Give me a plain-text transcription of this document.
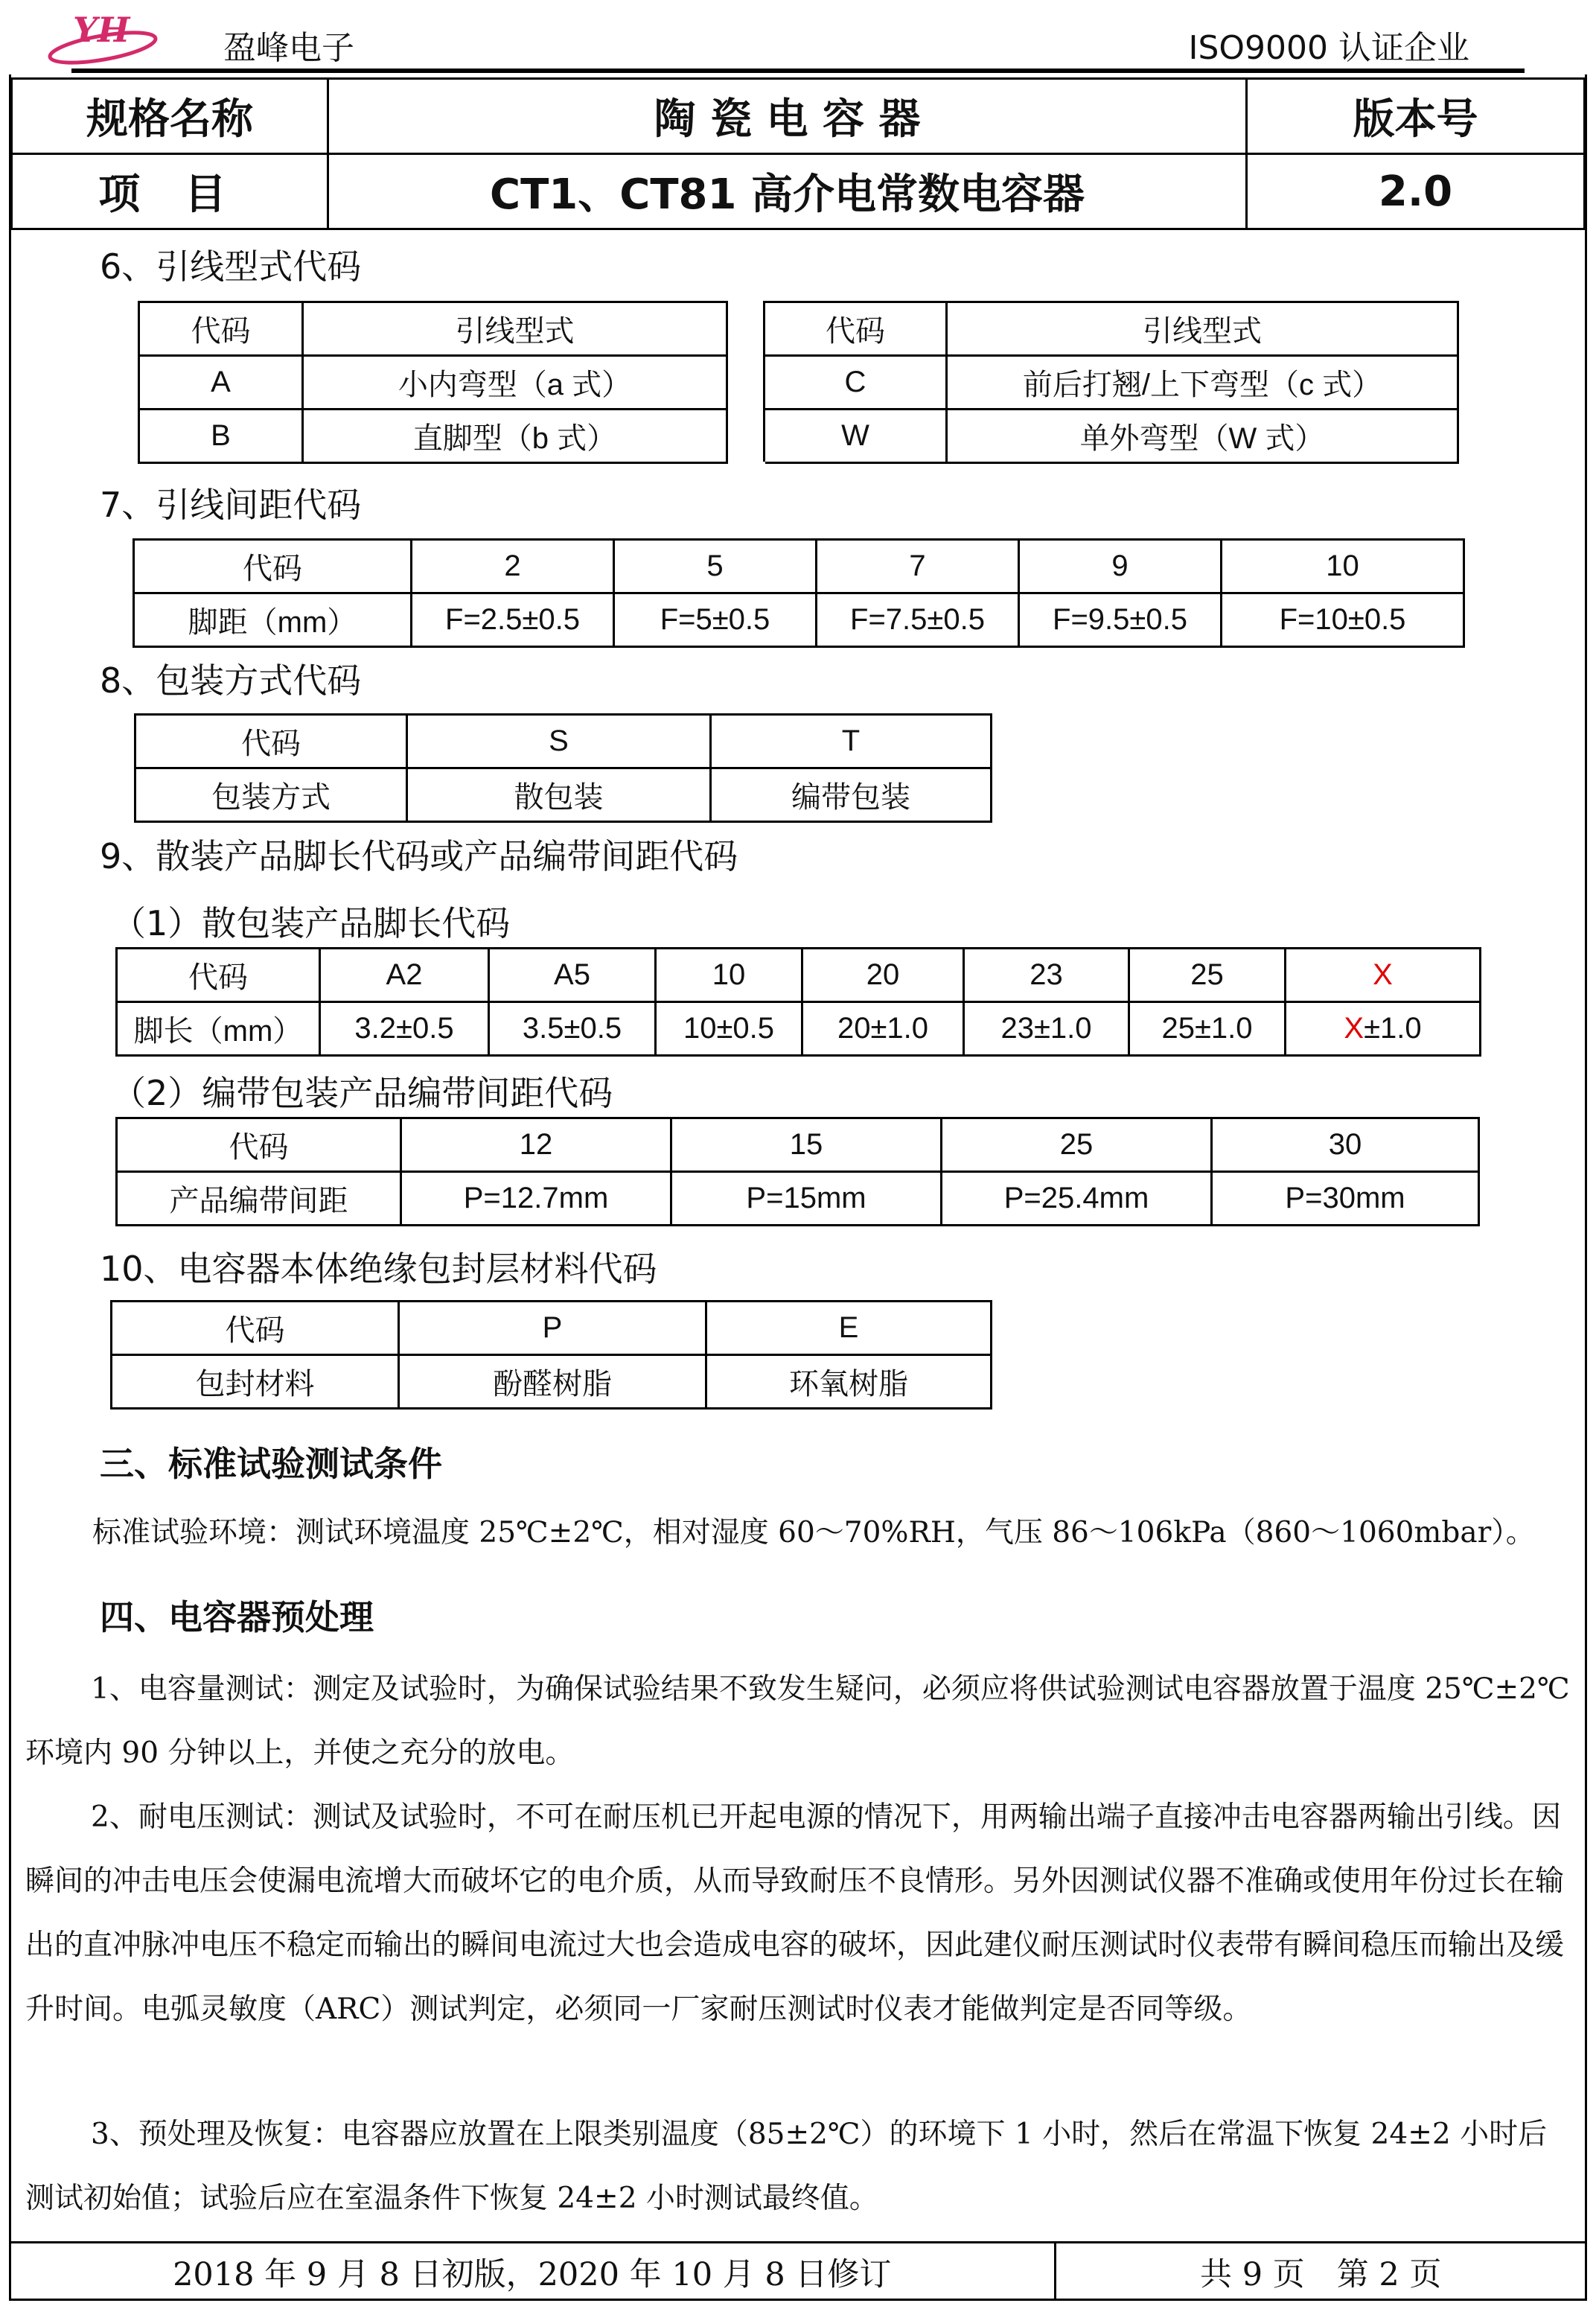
YH	盈峰电子	ISO9000 认证企业
规格名称	陶 瓷 电 容 器	版本号
项 目	CT1、CT81 高介电常数电容器	2.0
6、引线型式代码
代码	引线型式		代码	引线型式
A	小内弯型（a 式）		C	前后打翘/上下弯型（c 式）
B	直脚型（b 式）		W	单外弯型（W 式）
7、引线间距代码
代码	2	5	7	9	10
脚距（mm）	F=2.5±0.5	F=5±0.5	F=7.5±0.5	F=9.5±0.5	F=10±0.5
8、包装方式代码
代码	S	T
包装方式	散包装	编带包装
9、散装产品脚长代码或产品编带间距代码
（1）散包装产品脚长代码
代码	A2	A5	10	20	23	25	X
脚长（mm）	3.2±0.5	3.5±0.5	10±0.5	20±1.0	23±1.0	25±1.0	X±1.0
（2）编带包装产品编带间距代码
代码	12	15	25	30
产品编带间距	P=12.7mm	P=15mm	P=25.4mm	P=30mm
10、电容器本体绝缘包封层材料代码
代码	P	E
包封材料	酚醛树脂	环氧树脂
三、标准试验测试条件
标准试验环境：测试环境温度 25℃±2℃，相对湿度 60～70%RH，气压 86～106kPa（860～1060mbar）。
四、电容器预处理
1、电容量测试：测定及试验时，为确保试验结果不致发生疑问，必须应将供试验测试电容器放置于温度 25℃±2℃环境内 90 分钟以上，并使之充分的放电。
2、耐电压测试：测试及试验时，不可在耐压机已开起电源的情况下，用两输出端子直接冲击电容器两输出引线。因瞬间的冲击电压会使漏电流增大而破坏它的电介质，从而导致耐压不良情形。另外因测试仪器不准确或使用年份过长在输出的直冲脉冲电压不稳定而输出的瞬间电流过大也会造成电容的破坏，因此建仪耐压测试时仪表带有瞬间稳压而输出及缓升时间。电弧灵敏度（ARC）测试判定，必须同一厂家耐压测试时仪表才能做判定是否同等级。
3、预处理及恢复：电容器应放置在上限类别温度（85±2℃）的环境下 1 小时，然后在常温下恢复 24±2 小时后测试初始值；试验后应在室温条件下恢复 24±2 小时测试最终值。
2018 年 9 月 8 日初版，2020 年 10 月 8 日修订	共 9 页　第 2 页
